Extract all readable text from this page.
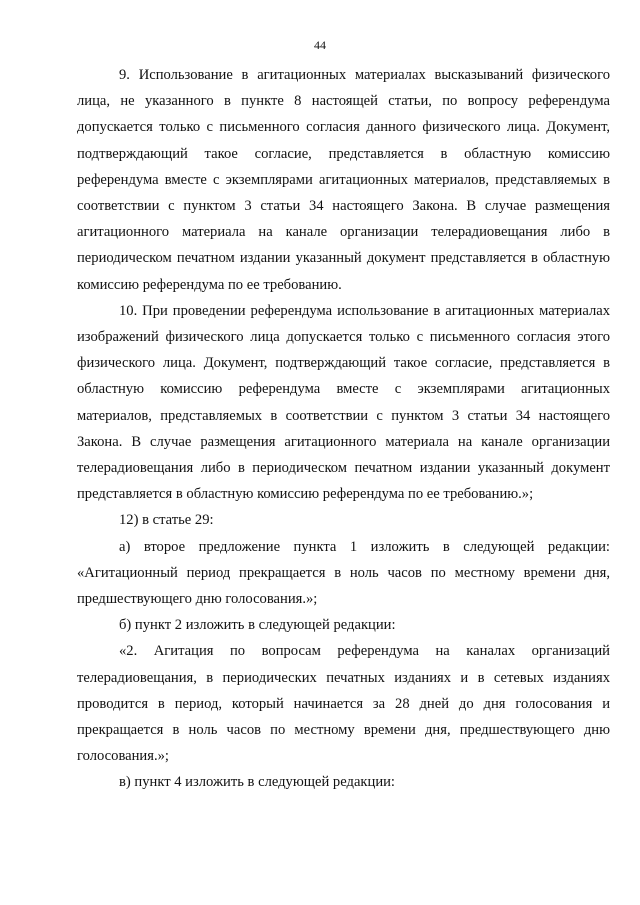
44

9. Использование в агитационных материалах высказываний физического лица, не указанного в пункте 8 настоящей статьи, по вопросу референдума допускается только с письменного согласия данного физического лица. Документ, подтверждающий такое согласие, представляется в областную комиссию референдума вместе с экземплярами агитационных материалов, представляемых в соответствии с пунктом 3 статьи 34 настоящего Закона. В случае размещения агитационного материала на канале организации телерадиовещания либо в периодическом печатном издании указанный документ представляется в областную комиссию референдума по ее требованию.

10. При проведении референдума использование в агитационных материалах изображений физического лица допускается только с письменного согласия этого физического лица. Документ, подтверждающий такое согласие, представляется в областную комиссию референдума вместе с экземплярами агитационных материалов, представляемых в соответствии с пунктом 3 статьи 34 настоящего Закона. В случае размещения агитационного материала на канале организации телерадиовещания либо в периодическом печатном издании указанный документ представляется в областную комиссию референдума по ее требованию.»;

12) в статье 29:

а) второе предложение пункта 1 изложить в следующей редакции: «Агитационный период прекращается в ноль часов по местному времени дня, предшествующего дню голосования.»;

б) пункт 2 изложить в следующей редакции:

«2. Агитация по вопросам референдума на каналах организаций телерадиовещания, в периодических печатных изданиях и в сетевых изданиях проводится в период, который начинается за 28 дней до дня голосования и прекращается в ноль часов по местному времени дня, предшествующего дню голосования.»;

в) пункт 4 изложить в следующей редакции:
